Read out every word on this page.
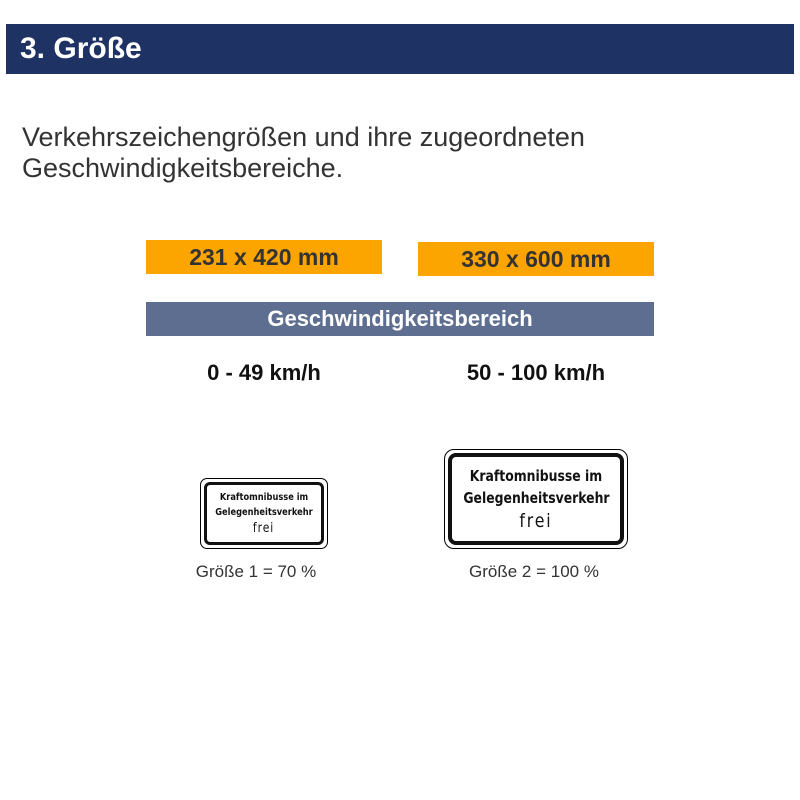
3. Größe
Verkehrszeichengrößen und ihre zugeordneten
Geschwindigkeitsbereiche.
231 x 420 mm	330 x 600 mm
Geschwindigkeitsbereich
0 - 49 km/h	50 - 100 km/h
Kraftomnibusse im
Gelegenheitsverkehr
frei
Kraftomnibusse im
Gelegenheitsverkehr
frei
Größe 1 = 70 %	Größe 2 = 100 %
